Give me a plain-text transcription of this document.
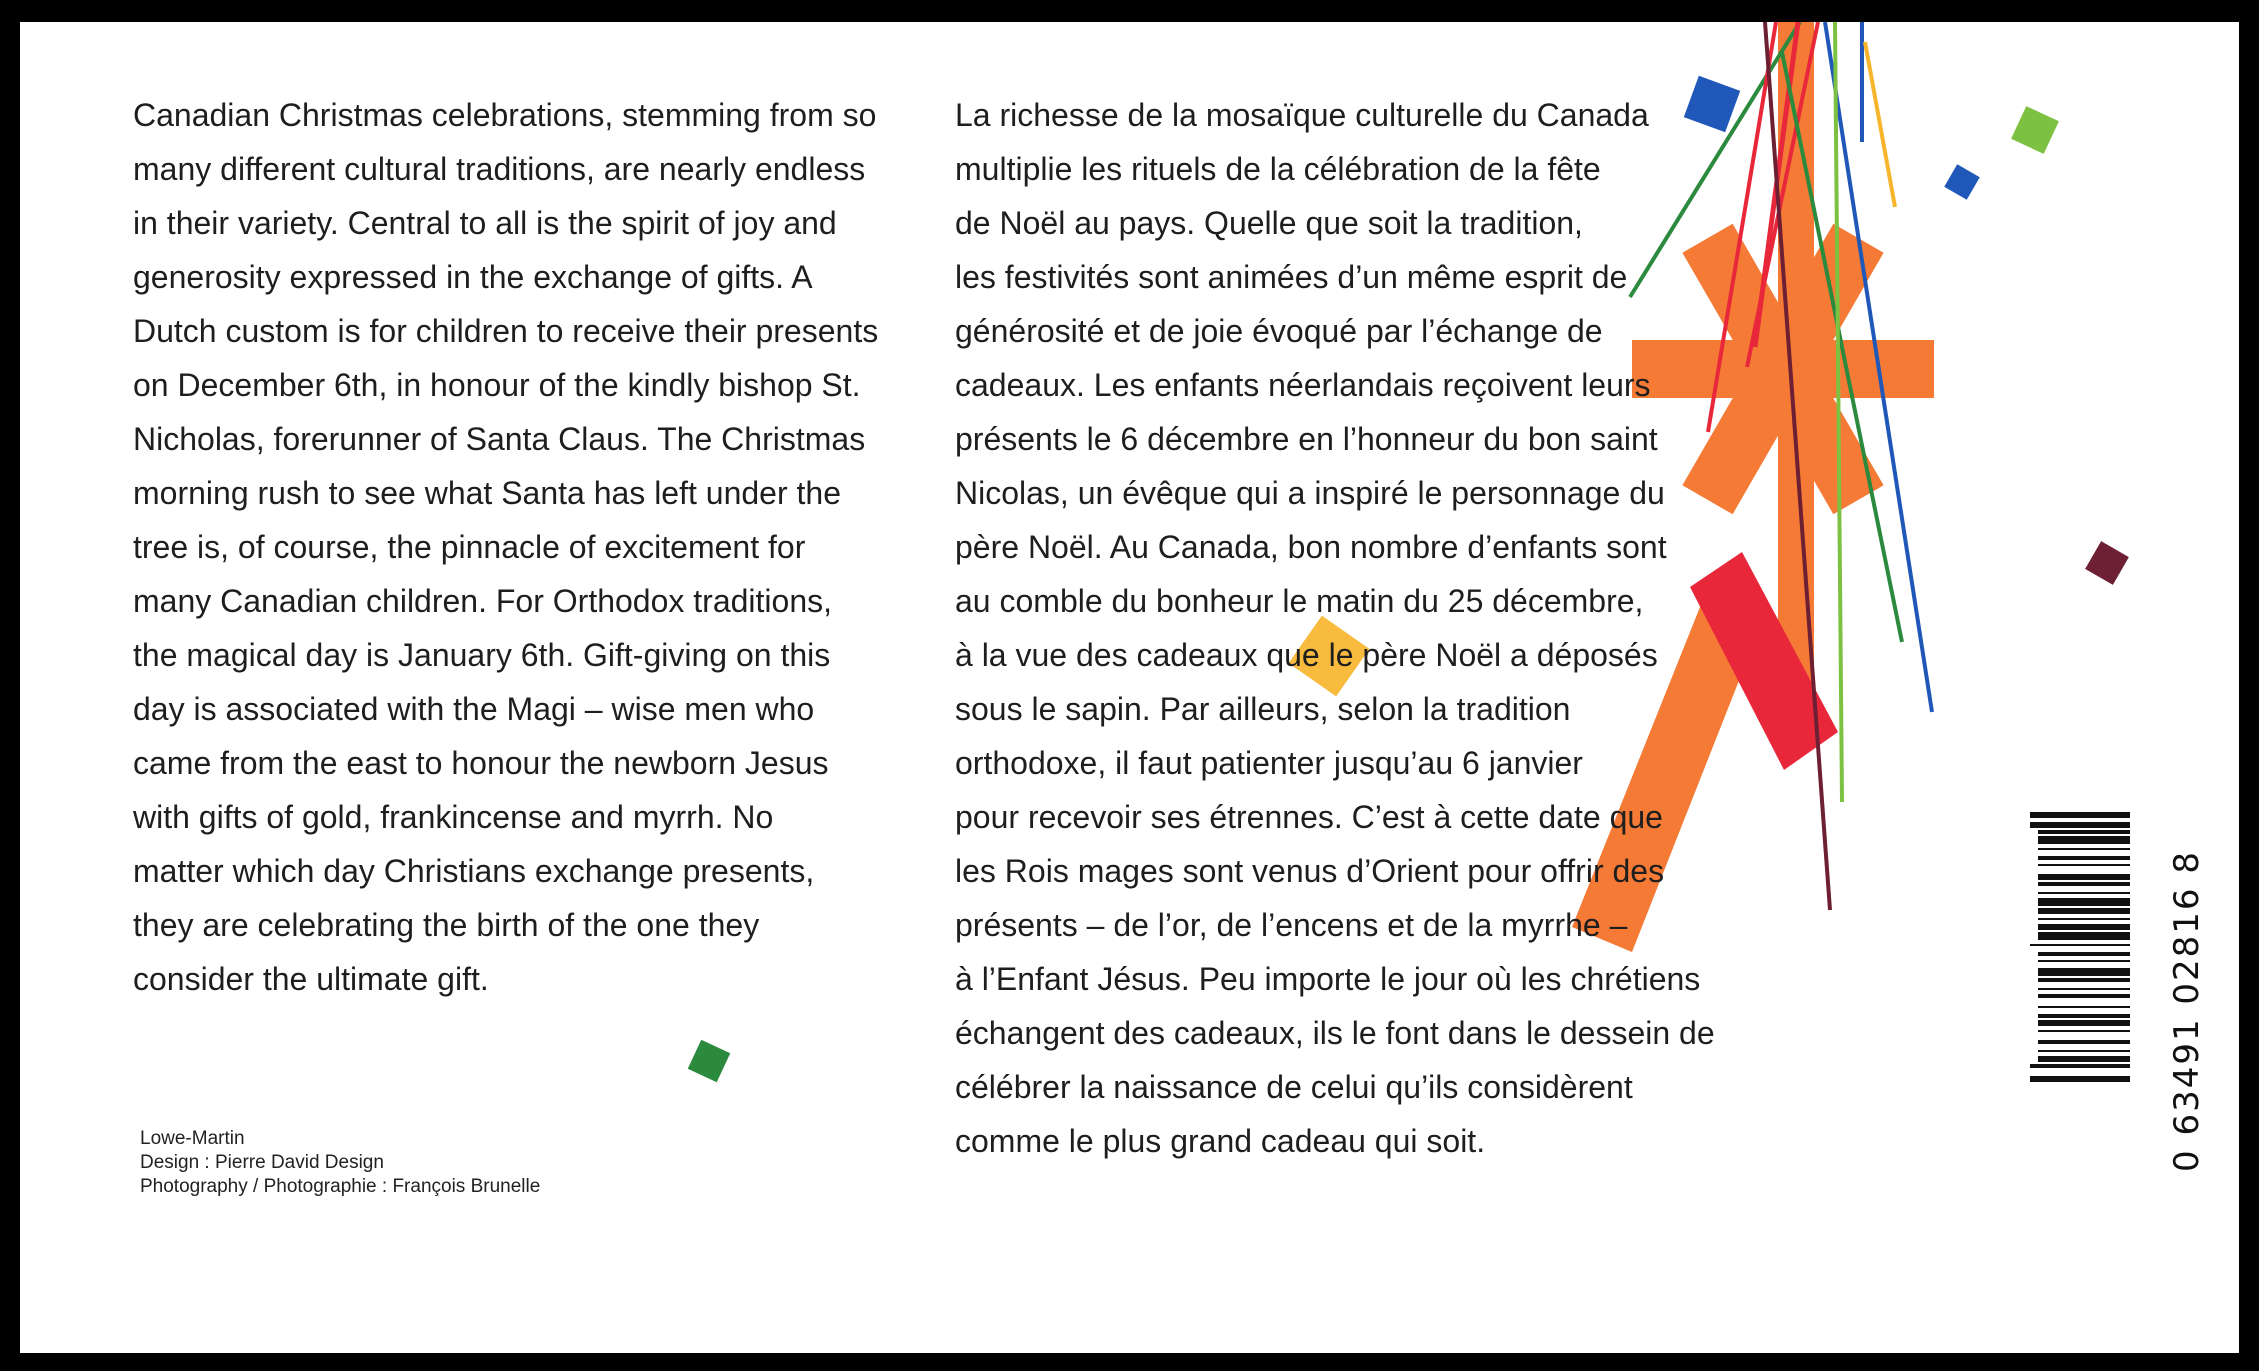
Canadian Christmas celebrations, stemming from so
many different cultural traditions, are nearly endless
in their variety. Central to all is the spirit of joy and
generosity expressed in the exchange of gifts. A
Dutch custom is for children to receive their presents
on December 6th, in honour of the kindly bishop St.
Nicholas, forerunner of Santa Claus. The Christmas
morning rush to see what Santa has left under the
tree is, of course, the pinnacle of excitement for
many Canadian children. For Orthodox traditions,
the magical day is January 6th. Gift-giving on this
day is associated with the Magi – wise men who
came from the east to honour the newborn Jesus
with gifts of gold, frankincense and myrrh. No
matter which day Christians exchange presents,
they are celebrating the birth of the one they
consider the ultimate gift.

La richesse de la mosaïque culturelle du Canada
multiplie les rituels de la célébration de la fête
de Noël au pays. Quelle que soit la tradition,
les festivités sont animées d’un même esprit de
générosité et de joie évoqué par l’échange de
cadeaux. Les enfants néerlandais reçoivent leurs
présents le 6 décembre en l’honneur du bon saint
Nicolas, un évêque qui a inspiré le personnage du
père Noël. Au Canada, bon nombre d’enfants sont
au comble du bonheur le matin du 25 décembre,
à la vue des cadeaux que le père Noël a déposés
sous le sapin. Par ailleurs, selon la tradition
orthodoxe, il faut patienter jusqu’au 6 janvier
pour recevoir ses étrennes. C’est à cette date que
les Rois mages sont venus d’Orient pour offrir des
présents – de l’or, de l’encens et de la myrrhe –
à l’Enfant Jésus. Peu importe le jour où les chrétiens
échangent des cadeaux, ils le font dans le dessein de
célébrer la naissance de celui qu’ils considèrent
comme le plus grand cadeau qui soit.

Lowe-Martin
Design : Pierre David Design
Photography / Photographie : François Brunelle
0 63491 02816 8
